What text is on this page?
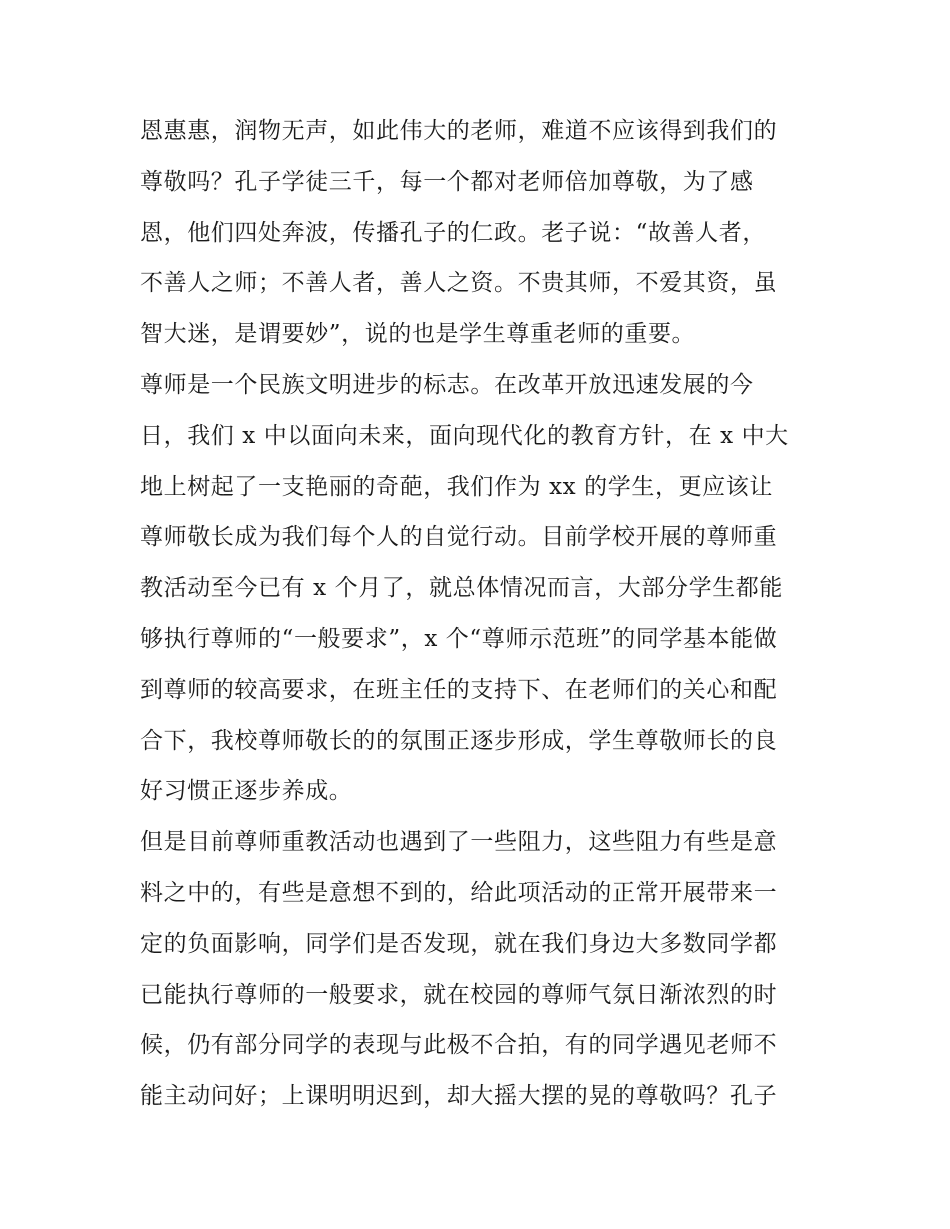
恩惠惠，润物无声，如此伟大的老师，难道不应该得到我们的
尊敬吗？孔子学徒三千，每一个都对老师倍加尊敬，为了感
恩，他们四处奔波，传播孔子的仁政。老子说：“故善人者，
不善人之师；不善人者，善人之资。不贵其师，不爱其资，虽
智大迷，是谓要妙”，说的也是学生尊重老师的重要。
尊师是一个民族文明进步的标志。在改革开放迅速发展的今
日，我们 x 中以面向未来，面向现代化的教育方针，在 x 中大
地上树起了一支艳丽的奇葩，我们作为 xx 的学生，更应该让
尊师敬长成为我们每个人的自觉行动。目前学校开展的尊师重
教活动至今已有 x 个月了，就总体情况而言，大部分学生都能
够执行尊师的“一般要求”，x 个“尊师示范班”的同学基本能做
到尊师的较高要求，在班主任的支持下、在老师们的关心和配
合下，我校尊师敬长的的氛围正逐步形成，学生尊敬师长的良
好习惯正逐步养成。
但是目前尊师重教活动也遇到了一些阻力，这些阻力有些是意
料之中的，有些是意想不到的，给此项活动的正常开展带来一
定的负面影响，同学们是否发现，就在我们身边大多数同学都
已能执行尊师的一般要求，就在校园的尊师气氛日渐浓烈的时
候，仍有部分同学的表现与此极不合拍，有的同学遇见老师不
能主动问好；上课明明迟到，却大摇大摆的晃的尊敬吗？孔子
